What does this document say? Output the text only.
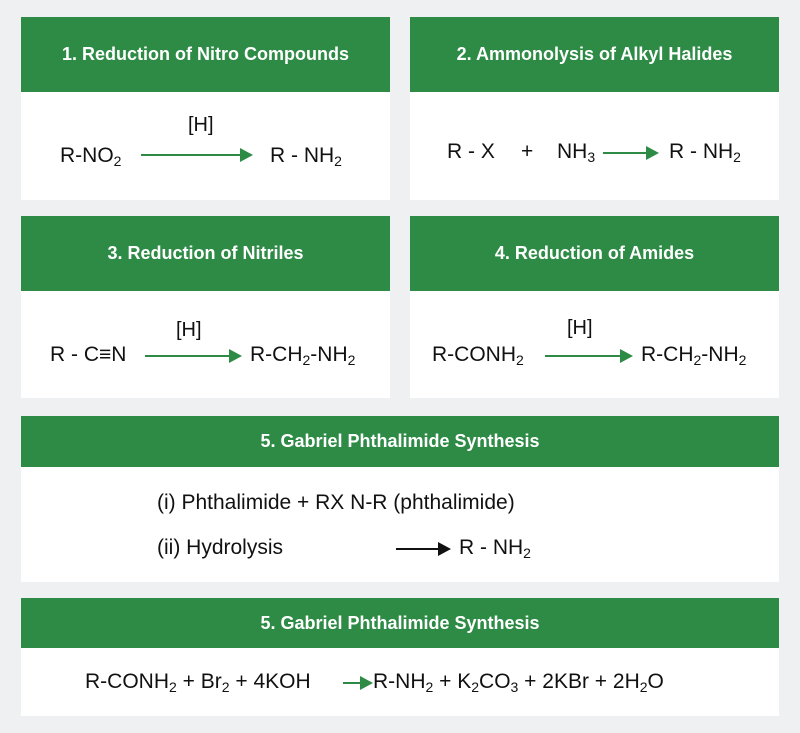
1. Reduction of Nitro Compounds
$R-NO_2$
[H]
R - $NH_2$
2. Ammonolysis of Alkyl Halides
$R - X + NH_3$	R - $NH_2$
3. Reduction of Nitriles
R - C≡N
[H]
$R-CH_2-NH_2$
4. Reduction of Amides
$R-CONH_2$
[H]
$R-CH_2-NH_2$
5. Gabriel Phthalimide Synthesis
(i) Phthalimide + RX N-R (phthalimide)
(ii) Hydrolysis	R - $NH_2$
5. Gabriel Phthalimide Synthesis
$R-CONH_2 + Br_2 + 4KOH$	$R-NH_2 + K_2CO_3 + 2KBr + 2H_2O$
